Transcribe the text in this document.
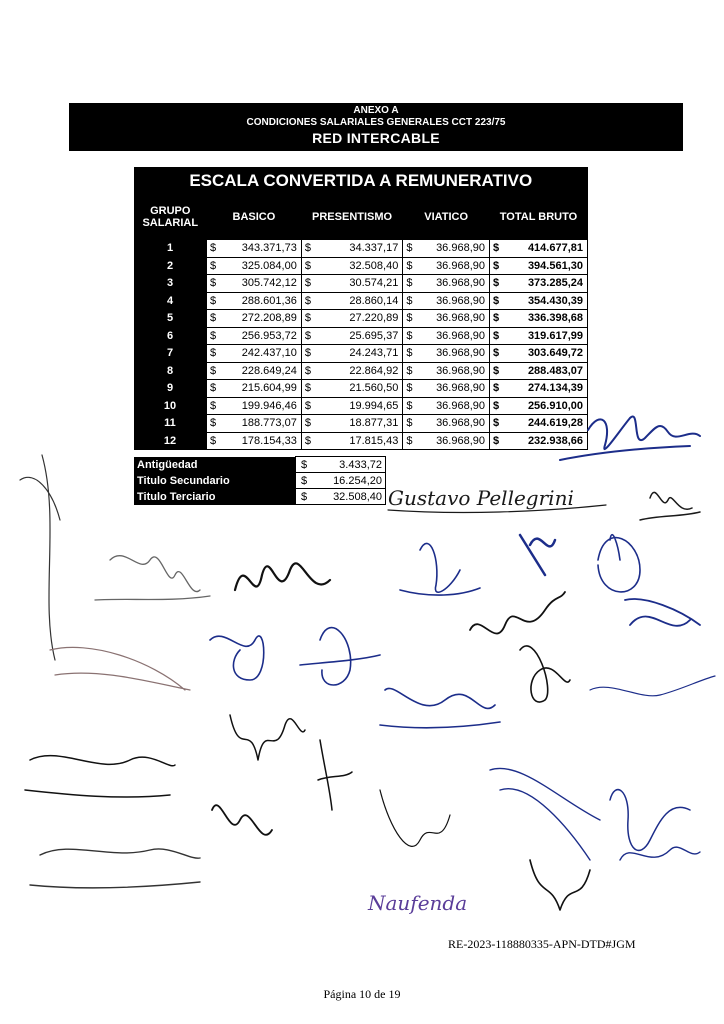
ANEXO A
CONDICIONES SALARIALES GENERALES CCT 223/75
RED INTERCABLE
ESCALA CONVERTIDA A REMUNERATIVO								
GRUPO SALARIAL	BASICO		PRESENTISMO		VIATICO		TOTAL BRUTO	
1	$	343.371,73	$	34.337,17	$	36.968,90	$	414.677,81
2	$	325.084,00	$	32.508,40	$	36.968,90	$	394.561,30
3	$	305.742,12	$	30.574,21	$	36.968,90	$	373.285,24
4	$	288.601,36	$	28.860,14	$	36.968,90	$	354.430,39
5	$	272.208,89	$	27.220,89	$	36.968,90	$	336.398,68
6	$	256.953,72	$	25.695,37	$	36.968,90	$	319.617,99
7	$	242.437,10	$	24.243,71	$	36.968,90	$	303.649,72
8	$	228.649,24	$	22.864,92	$	36.968,90	$	288.483,07
9	$	215.604,99	$	21.560,50	$	36.968,90	$	274.134,39
10	$	199.946,46	$	19.994,65	$	36.968,90	$	256.910,00
11	$	188.773,07	$	18.877,31	$	36.968,90	$	244.619,28
12	$	178.154,33	$	17.815,43	$	36.968,90	$	232.938,66
Antigüedad	$	3.433,72
Titulo Secundario	$	16.254,20
Titulo Terciario	$	32.508,40 Gustavo Pellegrini
Naufenda
RE-2023-118880335-APN-DTD#JGM
Página 10 de 19
